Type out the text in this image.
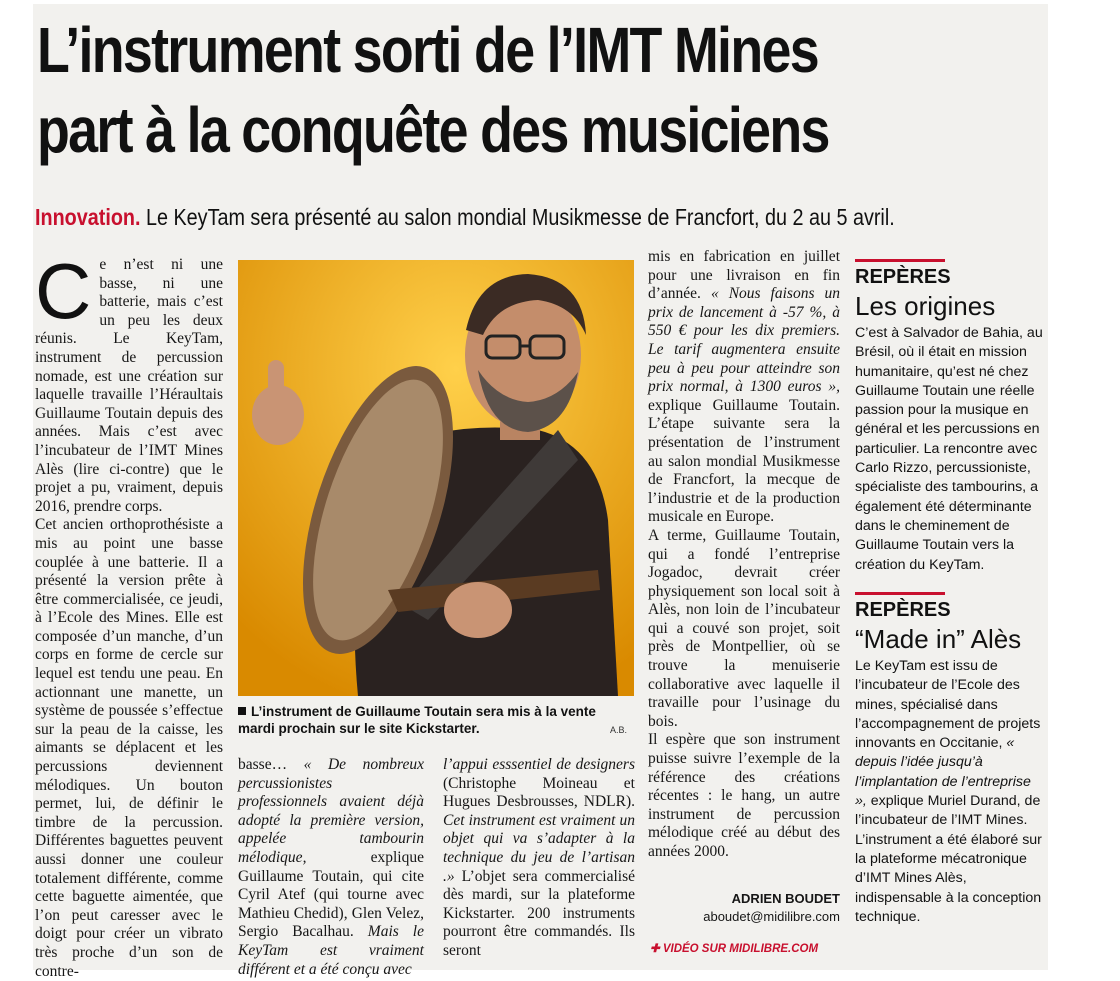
L’instrument sorti de l’IMT Mines
part à la conquête des musiciens
Innovation. Le KeyTam sera présenté au salon mondial Musikmesse de Francfort, du 2 au 5 avril.
C e n’est ni une basse, ni une batterie, mais c’est un peu les deux réunis. Le KeyTam, instrument de percussion nomade, est une création sur laquelle travaille l’Héraultais Guillaume Toutain depuis des années. Mais c’est avec l’incubateur de l’IMT Mines Alès (lire ci-contre) que le projet a pu, vraiment, depuis 2016, prendre corps.

Cet ancien orthoprothésiste a mis au point une basse couplée à une batterie. Il a présenté la version prête à être commercialisée, ce jeudi, à l’Ecole des Mines. Elle est composée d’un manche, d’un corps en forme de cercle sur lequel est tendu une peau. En actionnant une manette, un système de poussée s’effectue sur la peau de la caisse, les aimants se déplacent et les percussions deviennent mélodiques. Un bouton permet, lui, de définir le timbre de la percussion. Différentes baguettes peuvent aussi donner une couleur totalement différente, comme cette baguette aimentée, que l’on peut caresser avec le doigt pour créer un vibrato très proche d’un son de contre-

L’instrument de Guillaume Toutain sera mis à la vente mardi prochain sur le site Kickstarter.	A.B.

basse… « De nombreux percussionistes professionnels avaient déjà adopté la première version, appelée tambourin mélodique, explique Guillaume Toutain, qui cite Cyril Atef (qui tourne avec Mathieu Chedid), Glen Velez, Sergio Bacalhau. Mais le KeyTam est vraiment différent et a été conçu avec

l’appui esssentiel de designers (Christophe Moineau et Hugues Desbrousses, NDLR). Cet instrument est vraiment un objet qui va s’adapter à la technique du jeu de l’artisan .» L’objet sera commercialisé dès mardi, sur la plateforme Kickstarter. 200 instruments pourront être commandés. Ils seront

mis en fabrication en juillet pour une livraison en fin d’année. « Nous faisons un prix de lancement à -57 %, à 550 € pour les dix premiers. Le tarif augmentera ensuite peu à peu pour atteindre son prix normal, à 1300 euros », explique Guillaume Toutain. L’étape suivante sera la présentation de l’instrument au salon mondial Musikmesse de Francfort, la mecque de l’industrie et de la production musicale en Europe.

A terme, Guillaume Toutain, qui a fondé l’entreprise Jogadoc, devrait créer physiquement son local soit à Alès, non loin de l’incubateur qui a couvé son projet, soit près de Montpellier, où se trouve la menuiserie collaborative avec laquelle il travaille pour l’usinage du bois.

Il espère que son instrument puisse suivre l’exemple de la référence des créations récentes : le hang, un autre instrument de percussion mélodique créé au début des années 2000.

ADRIEN BOUDET
aboudet@midilibre.com
✚ VIDÉO SUR MIDILIBRE.COM
REPÈRES
Les origines
C’est à Salvador de Bahia, au Brésil, où il était en mission humanitaire, qu’est né chez Guillaume Toutain une réelle passion pour la musique en général et les percussions en particulier. La rencontre avec Carlo Rizzo, percussioniste, spécialiste des tambourins, a également été déterminante dans le cheminement de Guillaume Toutain vers la création du KeyTam.
REPÈRES
“Made in” Alès
Le KeyTam est issu de l’incubateur de l’Ecole des mines, spécialisé dans l’accompagnement de projets innovants en Occitanie, « depuis l’idée jusqu’à l’implantation de l’entreprise », explique Muriel Durand, de l’incubateur de l’IMT Mines. L’instrument a été élaboré sur la plateforme mécatronique d’IMT Mines Alès, indispensable à la conception technique.
